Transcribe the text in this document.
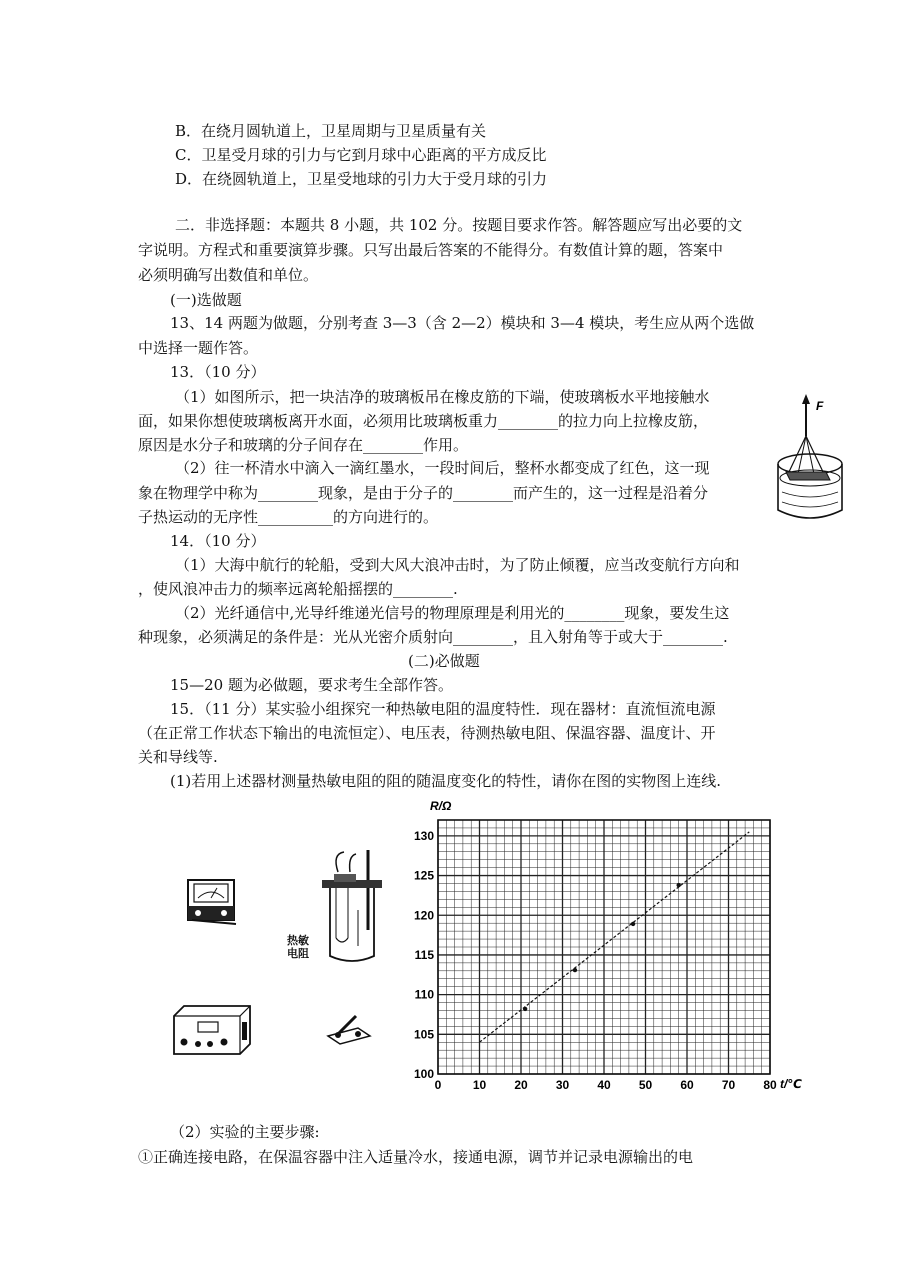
B．在绕月圆轨道上，卫星周期与卫星质量有关
C．卫星受月球的引力与它到月球中心距离的平方成反比
D．在绕圆轨道上，卫星受地球的引力大于受月球的引力
二．非选择题：本题共 8 小题，共 102 分。按题目要求作答。解答题应写出必要的文
字说明。方程式和重要演算步骤。只写出最后答案的不能得分。有数值计算的题，答案中
必须明确写出数值和单位。
(一)选做题
13、14 两题为做题，分别考查 3—3（含 2—2）模块和 3—4 模块，考生应从两个选做
中选择一题作答。
13．（10 分）
（1）如图所示，把一块洁净的玻璃板吊在橡皮筋的下端，使玻璃板水平地接触水
面，如果你想使玻璃板离开水面，必须用比玻璃板重力________的拉力向上拉橡皮筋，
原因是水分子和玻璃的分子间存在________作用。
（2）往一杯清水中滴入一滴红墨水，一段时间后，整杯水都变成了红色，这一现
象在物理学中称为________现象，是由于分子的________而产生的，这一过程是沿着分
子热运动的无序性__________的方向进行的。
F
14．（10 分）
（1）大海中航行的轮船，受到大风大浪冲击时，为了防止倾覆，应当改变航行方向和
，使风浪冲击力的频率远离轮船摇摆的________.
（2）光纤通信中,光导纤维递光信号的物理原理是利用光的________现象，要发生这
种现象，必须满足的条件是：光从光密介质射向________，且入射角等于或大于________.
(二)必做题
15—20 题为必做题，要求考生全部作答。
15．（11 分）某实验小组探究一种热敏电阻的温度特性．现在器材：直流恒流电源
（在正常工作状态下输出的电流恒定）、电压表，待测热敏电阻、保温容器、温度计、开
关和导线等.
(1)若用上述器材测量热敏电阻的阻的随温度变化的特性，请你在图的实物图上连线.
热敏
电阻
0	10 20 30 40 50 60 70 80
100
105
110
115
120
125
130
R/Ω
t/℃
（2）实验的主要步骤:
①正确连接电路，在保温容器中注入适量冷水，接通电源，调节并记录电源输出的电
